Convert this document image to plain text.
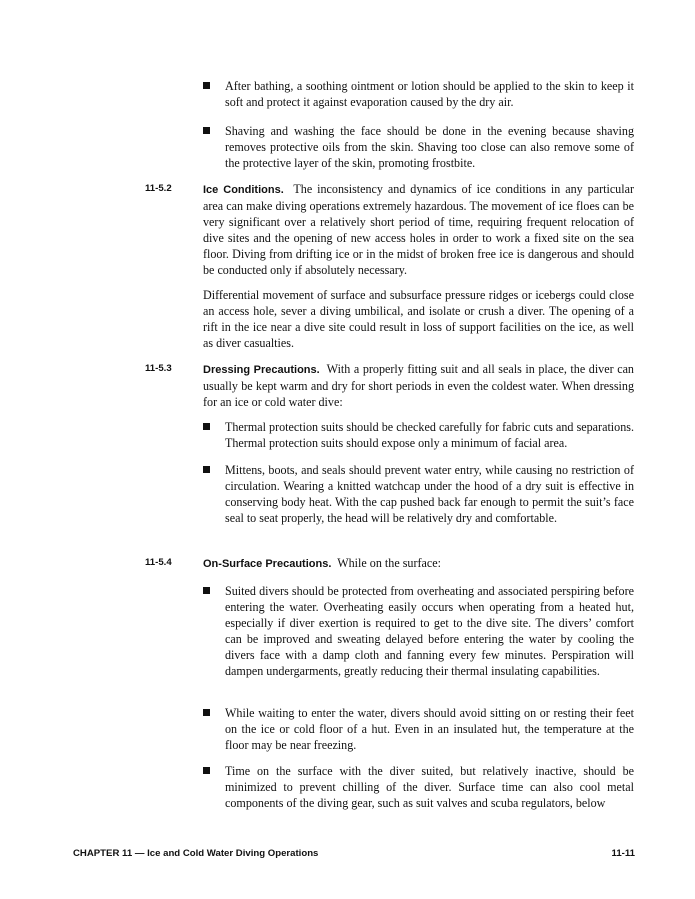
After bathing, a soothing ointment or lotion should be applied to the skin to keep it soft and protect it against evaporation caused by the dry air.
Shaving and washing the face should be done in the evening because shaving removes protective oils from the skin. Shaving too close can also remove some of the protective layer of the skin, promoting frostbite.
11-5.2	Ice Conditions. The inconsistency and dynamics of ice conditions in any particular area can make diving operations extremely hazardous. The movement of ice floes can be very significant over a relatively short period of time, requiring frequent relocation of dive sites and the opening of new access holes in order to work a fixed site on the sea floor. Diving from drifting ice or in the midst of broken free ice is dangerous and should be conducted only if absolutely necessary.
Differential movement of surface and subsurface pressure ridges or icebergs could close an access hole, sever a diving umbilical, and isolate or crush a diver. The opening of a rift in the ice near a dive site could result in loss of support facilities on the ice, as well as diver casualties.
11-5.3	Dressing Precautions. With a properly fitting suit and all seals in place, the diver can usually be kept warm and dry for short periods in even the coldest water. When dressing for an ice or cold water dive:
Thermal protection suits should be checked carefully for fabric cuts and separations. Thermal protection suits should expose only a minimum of facial area.
Mittens, boots, and seals should prevent water entry, while causing no restriction of circulation. Wearing a knitted watchcap under the hood of a dry suit is effective in conserving body heat. With the cap pushed back far enough to permit the suit’s face seal to seat properly, the head will be relatively dry and comfortable.
11-5.4	On-Surface Precautions. While on the surface:
Suited divers should be protected from overheating and associated perspiring before entering the water. Overheating easily occurs when operating from a heated hut, especially if diver exertion is required to get to the dive site. The divers’ comfort can be improved and sweating delayed before entering the water by cooling the divers face with a damp cloth and fanning every few minutes. Perspiration will dampen undergarments, greatly reducing their thermal insulating capabilities.
While waiting to enter the water, divers should avoid sitting on or resting their feet on the ice or cold floor of a hut. Even in an insulated hut, the temperature at the floor may be near freezing.
Time on the surface with the diver suited, but relatively inactive, should be minimized to prevent chilling of the diver. Surface time can also cool metal components of the diving gear, such as suit valves and scuba regulators, below
CHAPTER 11 — Ice and Cold Water Diving Operations	11-11
